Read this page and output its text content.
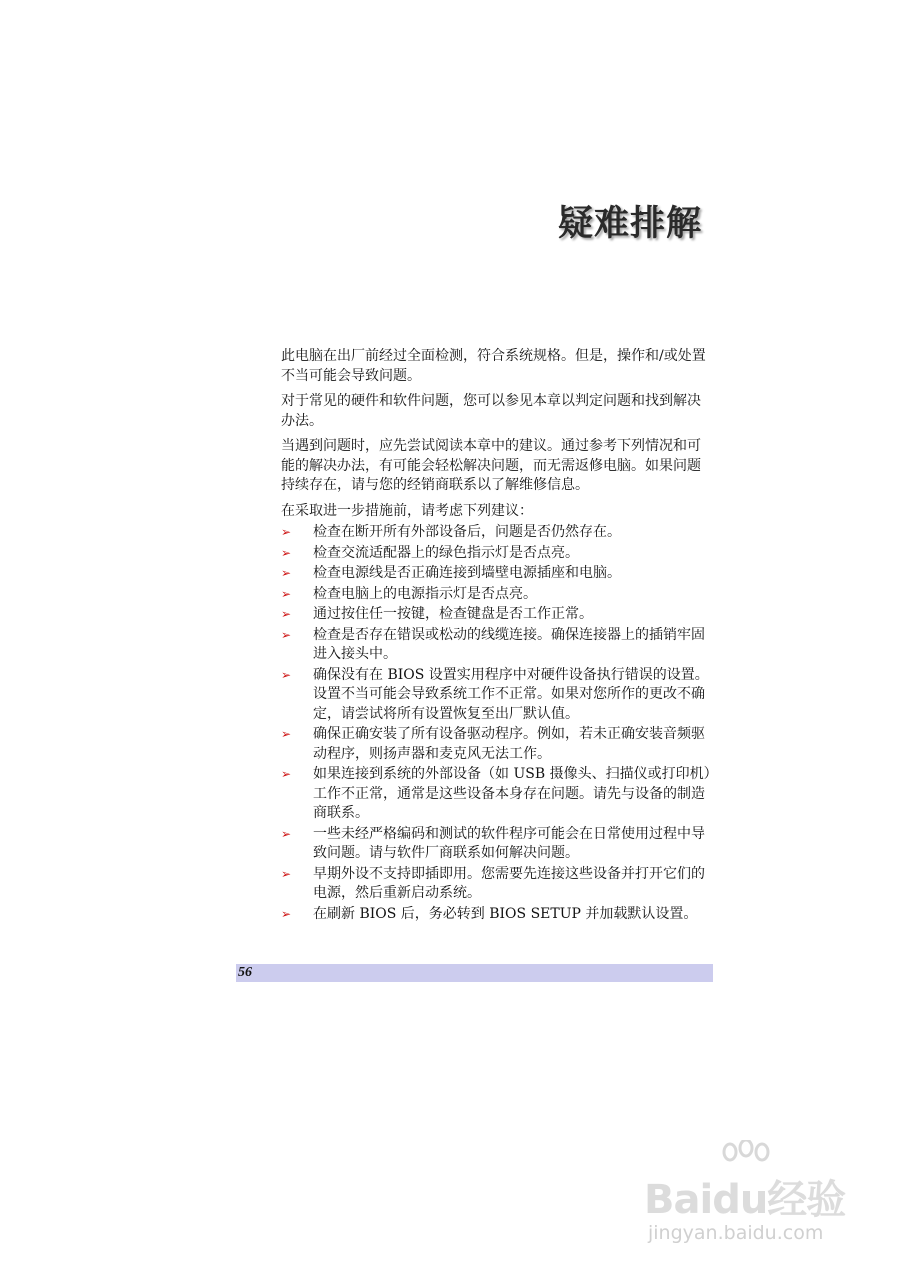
疑难排解

此电脑在出厂前经过全面检测，符合系统规格。但是，操作和/或处置不当可能会导致问题。

对于常见的硬件和软件问题，您可以参见本章以判定问题和找到解决办法。

当遇到问题时，应先尝试阅读本章中的建议。通过参考下列情况和可能的解决办法，有可能会轻松解决问题，而无需返修电脑。如果问题持续存在，请与您的经销商联系以了解维修信息。

在采取进一步措施前，请考虑下列建议：

➢	检查在断开所有外部设备后，问题是否仍然存在。
➢	检查交流适配器上的绿色指示灯是否点亮。
➢	检查电源线是否正确连接到墙壁电源插座和电脑。
➢	检查电脑上的电源指示灯是否点亮。
➢	通过按住任一按键，检查键盘是否工作正常。
➢	检查是否存在错误或松动的线缆连接。确保连接器上的插销牢固进入接头中。
➢	确保没有在 BIOS 设置实用程序中对硬件设备执行错误的设置。设置不当可能会导致系统工作不正常。如果对您所作的更改不确定，请尝试将所有设置恢复至出厂默认值。
➢	确保正确安装了所有设备驱动程序。例如，若未正确安装音频驱动程序，则扬声器和麦克风无法工作。
➢	如果连接到系统的外部设备（如 USB 摄像头、扫描仪或打印机）工作不正常，通常是这些设备本身存在问题。请先与设备的制造商联系。
➢	一些未经严格编码和测试的软件程序可能会在日常使用过程中导致问题。请与软件厂商联系如何解决问题。
➢	早期外设不支持即插即用。您需要先连接这些设备并打开它们的电源，然后重新启动系统。
➢	在刷新 BIOS 后，务必转到 BIOS SETUP 并加载默认设置。
56
Baidu经验
jingyan.baidu.com
